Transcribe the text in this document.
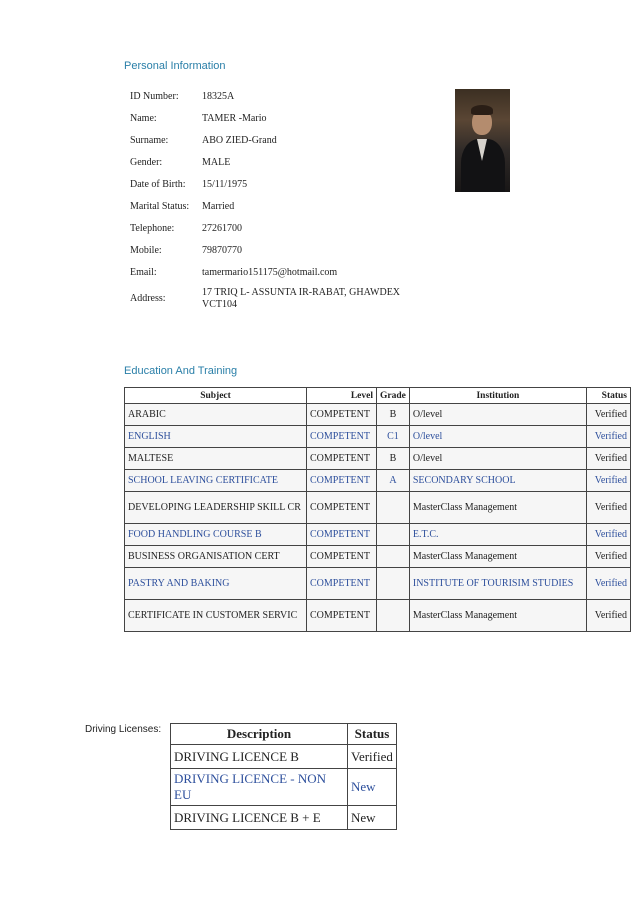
Personal Information
ID Number: 18325A
Name:	TAMER -Mario
Surname:	ABO ZIED-Grand
Gender:	MALE
Date of Birth: 15/11/1975
Marital Status: Married
Telephone:	27261700
Mobile:	79870770
Email:	tamermario151175@hotmail.com
Address:
17 TRIQ L- ASSUNTA IR-RABAT, GHAWDEX
VCT104
Education And Training
Subject	Level	Grade	Institution	Status
ARABIC	COMPETENT	B	O/level	Verified
ENGLISH	COMPETENT	C1	O/level	Verified
MALTESE	COMPETENT	B	O/level	Verified
SCHOOL LEAVING CERTIFICATE	COMPETENT	A	SECONDARY SCHOOL	Verified
DEVELOPING LEADERSHIP SKILL CR	COMPETENT		MasterClass Management	Verified
FOOD HANDLING COURSE B	COMPETENT		E.T.C.	Verified
BUSINESS ORGANISATION CERT	COMPETENT		MasterClass Management	Verified
PASTRY AND BAKING	COMPETENT		INSTITUTE OF TOURISIM STUDIES	Verified
CERTIFICATE IN CUSTOMER SERVIC	COMPETENT		MasterClass Management	Verified
Driving Licenses:	Description	Status
DRIVING LICENCE B	Verified
DRIVING LICENCE - NON EU	New
DRIVING LICENCE B + E	New
